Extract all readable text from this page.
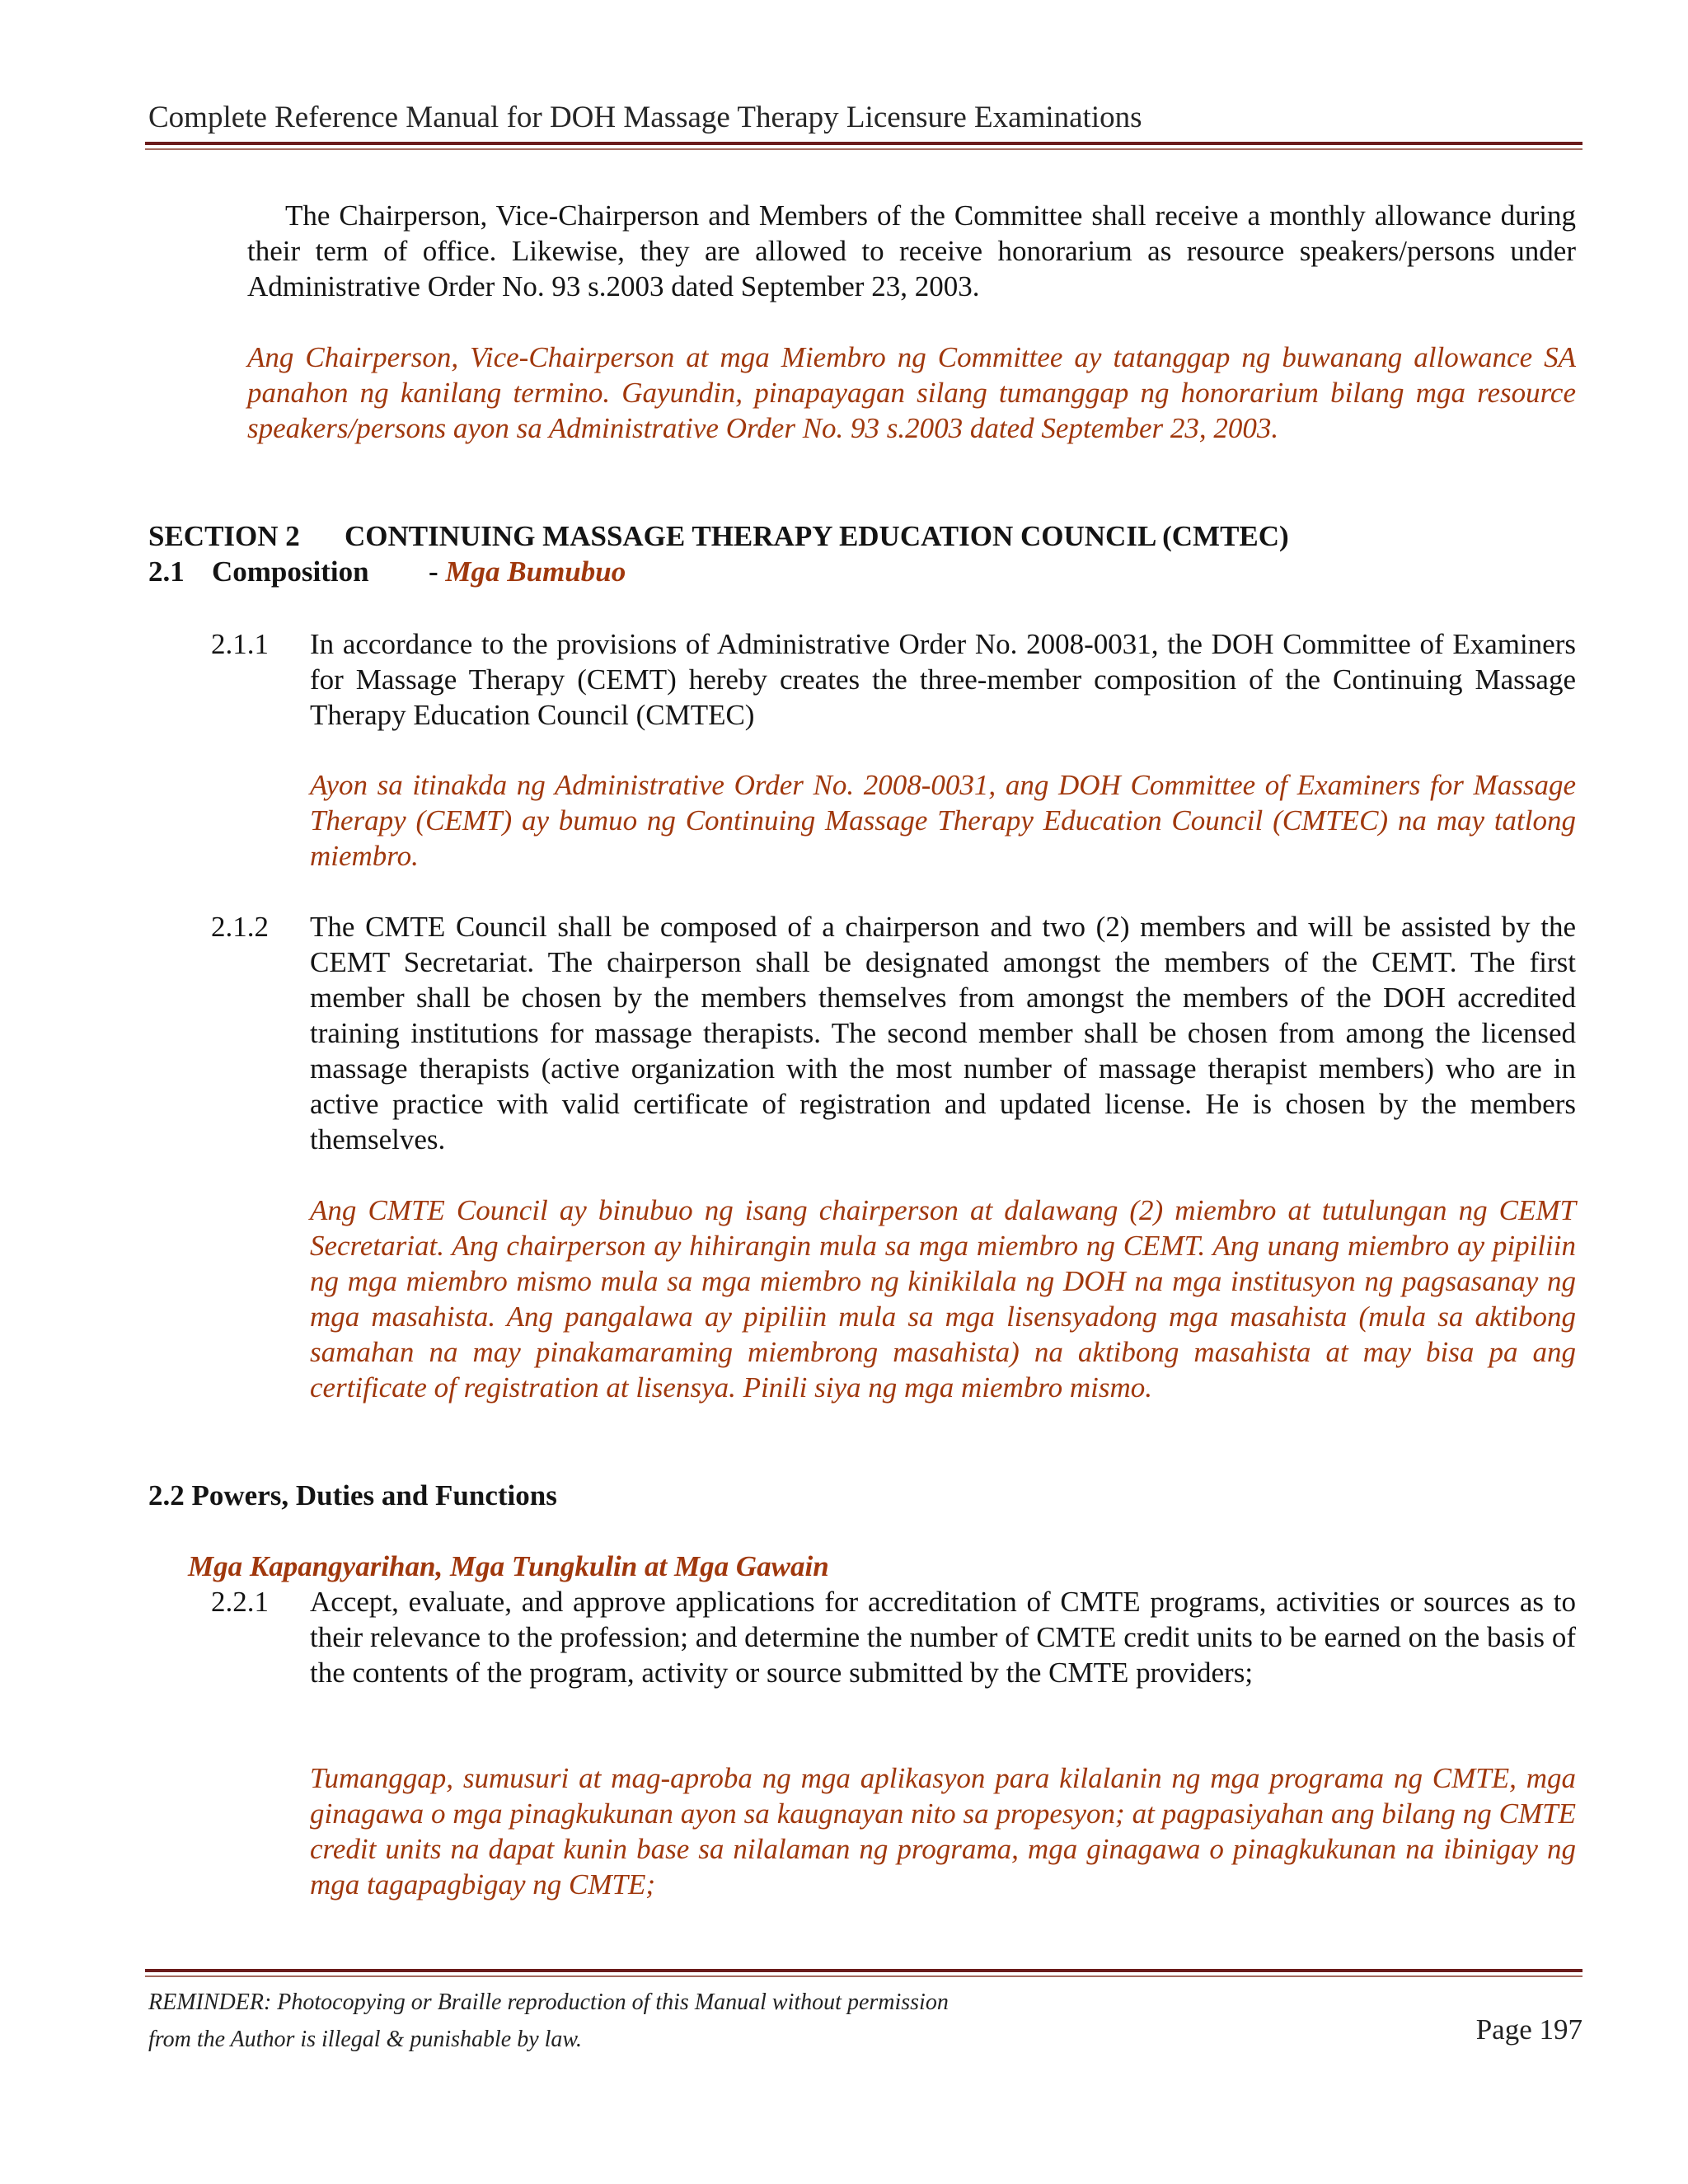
Complete Reference Manual for DOH Massage Therapy Licensure Examinations
The Chairperson, Vice-Chairperson and Members of the Committee shall receive a monthly allowance during their term of office. Likewise, they are allowed to receive honorarium as resource speakers/persons under Administrative Order No. 93 s.2003 dated September 23, 2003.
Ang Chairperson, Vice-Chairperson at mga Miembro ng Committee ay tatanggap ng buwanang allowance SA panahon ng kanilang termino. Gayundin, pinapayagan silang tumanggap ng honorarium bilang mga resource speakers/persons ayon sa Administrative Order No. 93 s.2003 dated September 23, 2003.
SECTION 2 CONTINUING MASSAGE THERAPY EDUCATION COUNCIL (CMTEC)
2.1 Composition - Mga Bumubuo
2.1.1 In accordance to the provisions of Administrative Order No. 2008-0031, the DOH Committee of Examiners for Massage Therapy (CEMT) hereby creates the three-member composition of the Continuing Massage Therapy Education Council (CMTEC)
Ayon sa itinakda ng Administrative Order No. 2008-0031, ang DOH Committee of Examiners for Massage Therapy (CEMT) ay bumuo ng Continuing Massage Therapy Education Council (CMTEC) na may tatlong miembro.
2.1.2 The CMTE Council shall be composed of a chairperson and two (2) members and will be assisted by the CEMT Secretariat. The chairperson shall be designated amongst the members of the CEMT. The first member shall be chosen by the members themselves from amongst the members of the DOH accredited training institutions for massage therapists. The second member shall be chosen from among the licensed massage therapists (active organization with the most number of massage therapist members) who are in active practice with valid certificate of registration and updated license. He is chosen by the members themselves.
Ang CMTE Council ay binubuo ng isang chairperson at dalawang (2) miembro at tutulungan ng CEMT Secretariat. Ang chairperson ay hihirangin mula sa mga miembro ng CEMT. Ang unang miembro ay pipiliin ng mga miembro mismo mula sa mga miembro ng kinikilala ng DOH na mga institusyon ng pagsasanay ng mga masahista. Ang pangalawa ay pipiliin mula sa mga lisensyadong mga masahista (mula sa aktibong samahan na may pinakamaraming miembrong masahista) na aktibong masahista at may bisa pa ang certificate of registration at lisensya. Pinili siya ng mga miembro mismo.
2.2 Powers, Duties and Functions
Mga Kapangyarihan, Mga Tungkulin at Mga Gawain
2.2.1 Accept, evaluate, and approve applications for accreditation of CMTE programs, activities or sources as to their relevance to the profession; and determine the number of CMTE credit units to be earned on the basis of the contents of the program, activity or source submitted by the CMTE providers;
Tumanggap, sumusuri at mag-aproba ng mga aplikasyon para kilalanin ng mga programa ng CMTE, mga ginagawa o mga pinagkukunan ayon sa kaugnayan nito sa propesyon; at pagpasiyahan ang bilang ng CMTE credit units na dapat kunin base sa nilalaman ng programa, mga ginagawa o pinagkukunan na ibinigay ng mga tagapagbigay ng CMTE;
REMINDER: Photocopying or Braille reproduction of this Manual without permission
from the Author is illegal & punishable by law.	Page 197
